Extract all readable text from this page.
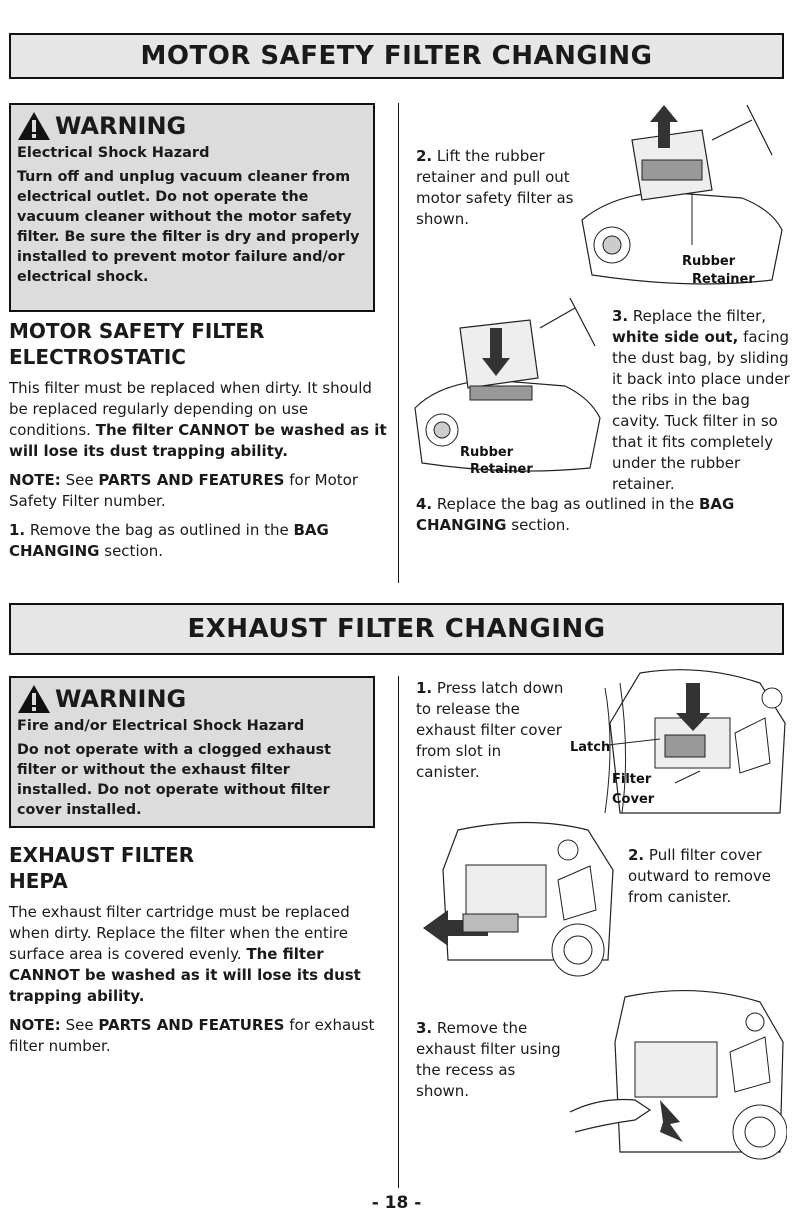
MOTOR SAFETY FILTER CHANGING
WARNING

Electrical Shock Hazard

Turn off and unplug vacuum cleaner from electrical outlet. Do not operate the vacuum cleaner without the motor safety filter. Be sure the filter is dry and properly installed to prevent motor failure and/or electrical shock.

MOTOR SAFETY FILTER
ELECTROSTATIC

This filter must be replaced when dirty. It should be replaced regularly depending on use conditions. The filter CANNOT be washed as it will lose its dust trapping ability.

NOTE: See PARTS AND FEATURES for Motor Safety Filter number.

1. Remove the bag as outlined in the BAG CHANGING section.

2. Lift the rubber retainer and pull out motor safety filter as shown.

Rubber
Retainer
Rubber
Retainer

3. Replace the filter, white side out, facing the dust bag, by sliding it back into place under the ribs in the bag cavity. Tuck filter in so that it fits completely under the rubber retainer.

4. Replace the bag as outlined in the BAG CHANGING section.

EXHAUST FILTER CHANGING
WARNING

Fire and/or Electrical Shock Hazard

Do not operate with a clogged exhaust filter or without the exhaust filter installed. Do not operate without filter cover installed.

EXHAUST FILTER
HEPA

The exhaust filter cartridge must be replaced when dirty. Replace the filter when the entire surface area is covered evenly. The filter CANNOT be washed as it will lose its dust trapping ability.

NOTE: See PARTS AND FEATURES for exhaust filter number.

1. Press latch down to release the exhaust filter cover from slot in canister.

Latch
Filter
Cover

2. Pull filter cover outward to remove from canister.

3. Remove the exhaust filter using the recess as shown.

- 18 -
